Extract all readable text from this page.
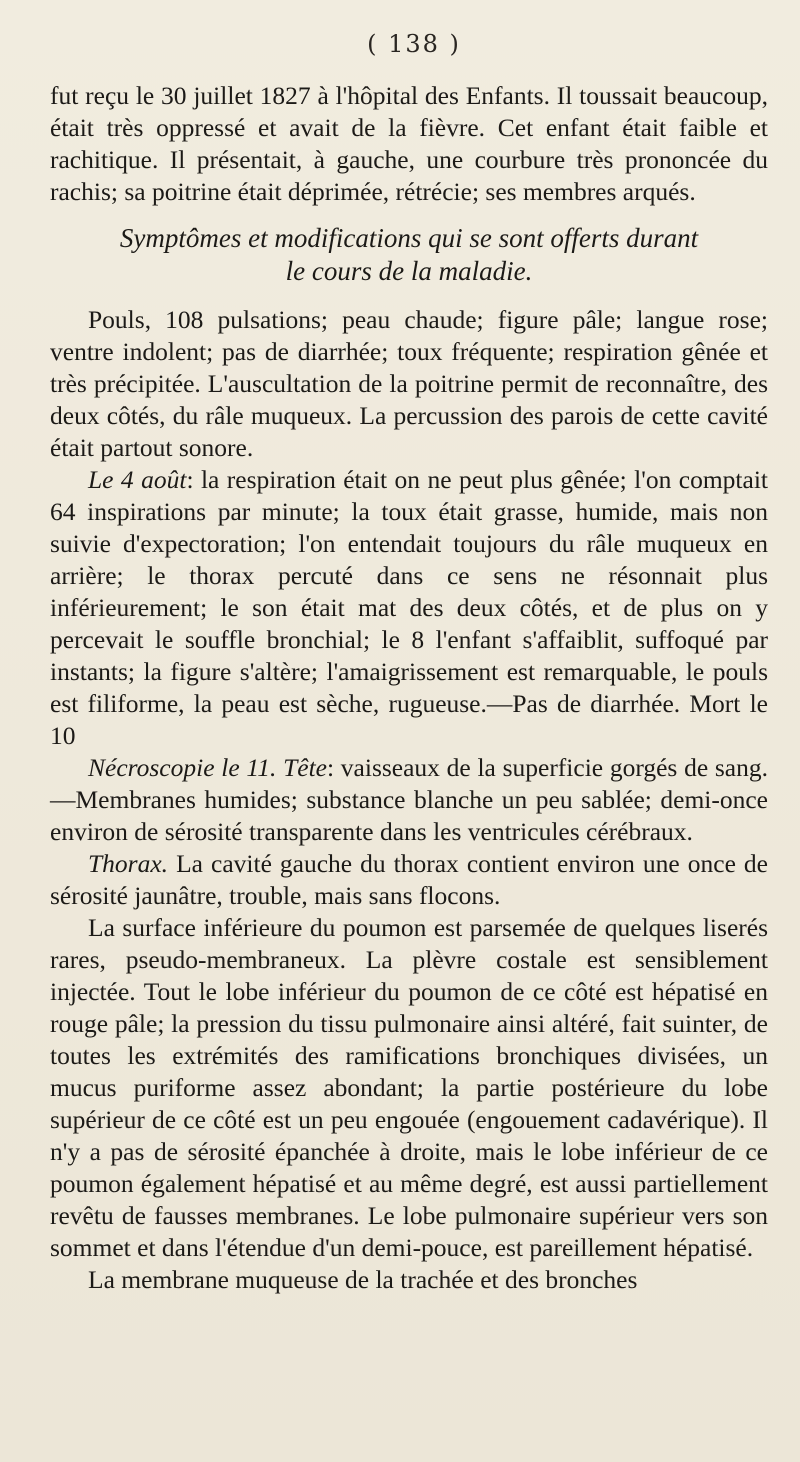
( 138 )

fut reçu le 30 juillet 1827 à l'hôpital des Enfants. Il toussait beaucoup, était très oppressé et avait de la fièvre. Cet enfant était faible et rachitique. Il présentait, à gauche, une courbure très prononcée du rachis; sa poitrine était déprimée, rétrécie; ses membres arqués.

Symptômes et modifications qui se sont offerts durant
le cours de la maladie.

Pouls, 108 pulsations; peau chaude; figure pâle; langue rose; ventre indolent; pas de diarrhée; toux fréquente; respiration gênée et très précipitée. L'auscultation de la poitrine permit de reconnaître, des deux côtés, du râle muqueux. La percussion des parois de cette cavité était partout sonore.

Le 4 août: la respiration était on ne peut plus gênée; l'on comptait 64 inspirations par minute; la toux était grasse, humide, mais non suivie d'expectoration; l'on entendait toujours du râle muqueux en arrière; le thorax percuté dans ce sens ne résonnait plus inférieurement; le son était mat des deux côtés, et de plus on y percevait le souffle bronchial; le 8 l'enfant s'affaiblit, suffoqué par instants; la figure s'altère; l'amaigrissement est remarquable, le pouls est filiforme, la peau est sèche, rugueuse.—Pas de diarrhée. Mort le 10

Nécroscopie le 11. Tête: vaisseaux de la superficie gorgés de sang.—Membranes humides; substance blanche un peu sablée; demi-once environ de sérosité transparente dans les ventricules cérébraux.

Thorax. La cavité gauche du thorax contient environ une once de sérosité jaunâtre, trouble, mais sans flocons.

La surface inférieure du poumon est parsemée de quelques liserés rares, pseudo-membraneux. La plèvre costale est sensiblement injectée. Tout le lobe inférieur du poumon de ce côté est hépatisé en rouge pâle; la pression du tissu pulmonaire ainsi altéré, fait suinter, de toutes les extrémités des ramifications bronchiques divisées, un mucus puriforme assez abondant; la partie postérieure du lobe supérieur de ce côté est un peu engouée (engouement cadavérique). Il n'y a pas de sérosité épanchée à droite, mais le lobe inférieur de ce poumon également hépatisé et au même degré, est aussi partiellement revêtu de fausses membranes. Le lobe pulmonaire supérieur vers son sommet et dans l'étendue d'un demi-pouce, est pareillement hépatisé.

La membrane muqueuse de la trachée et des bronches
